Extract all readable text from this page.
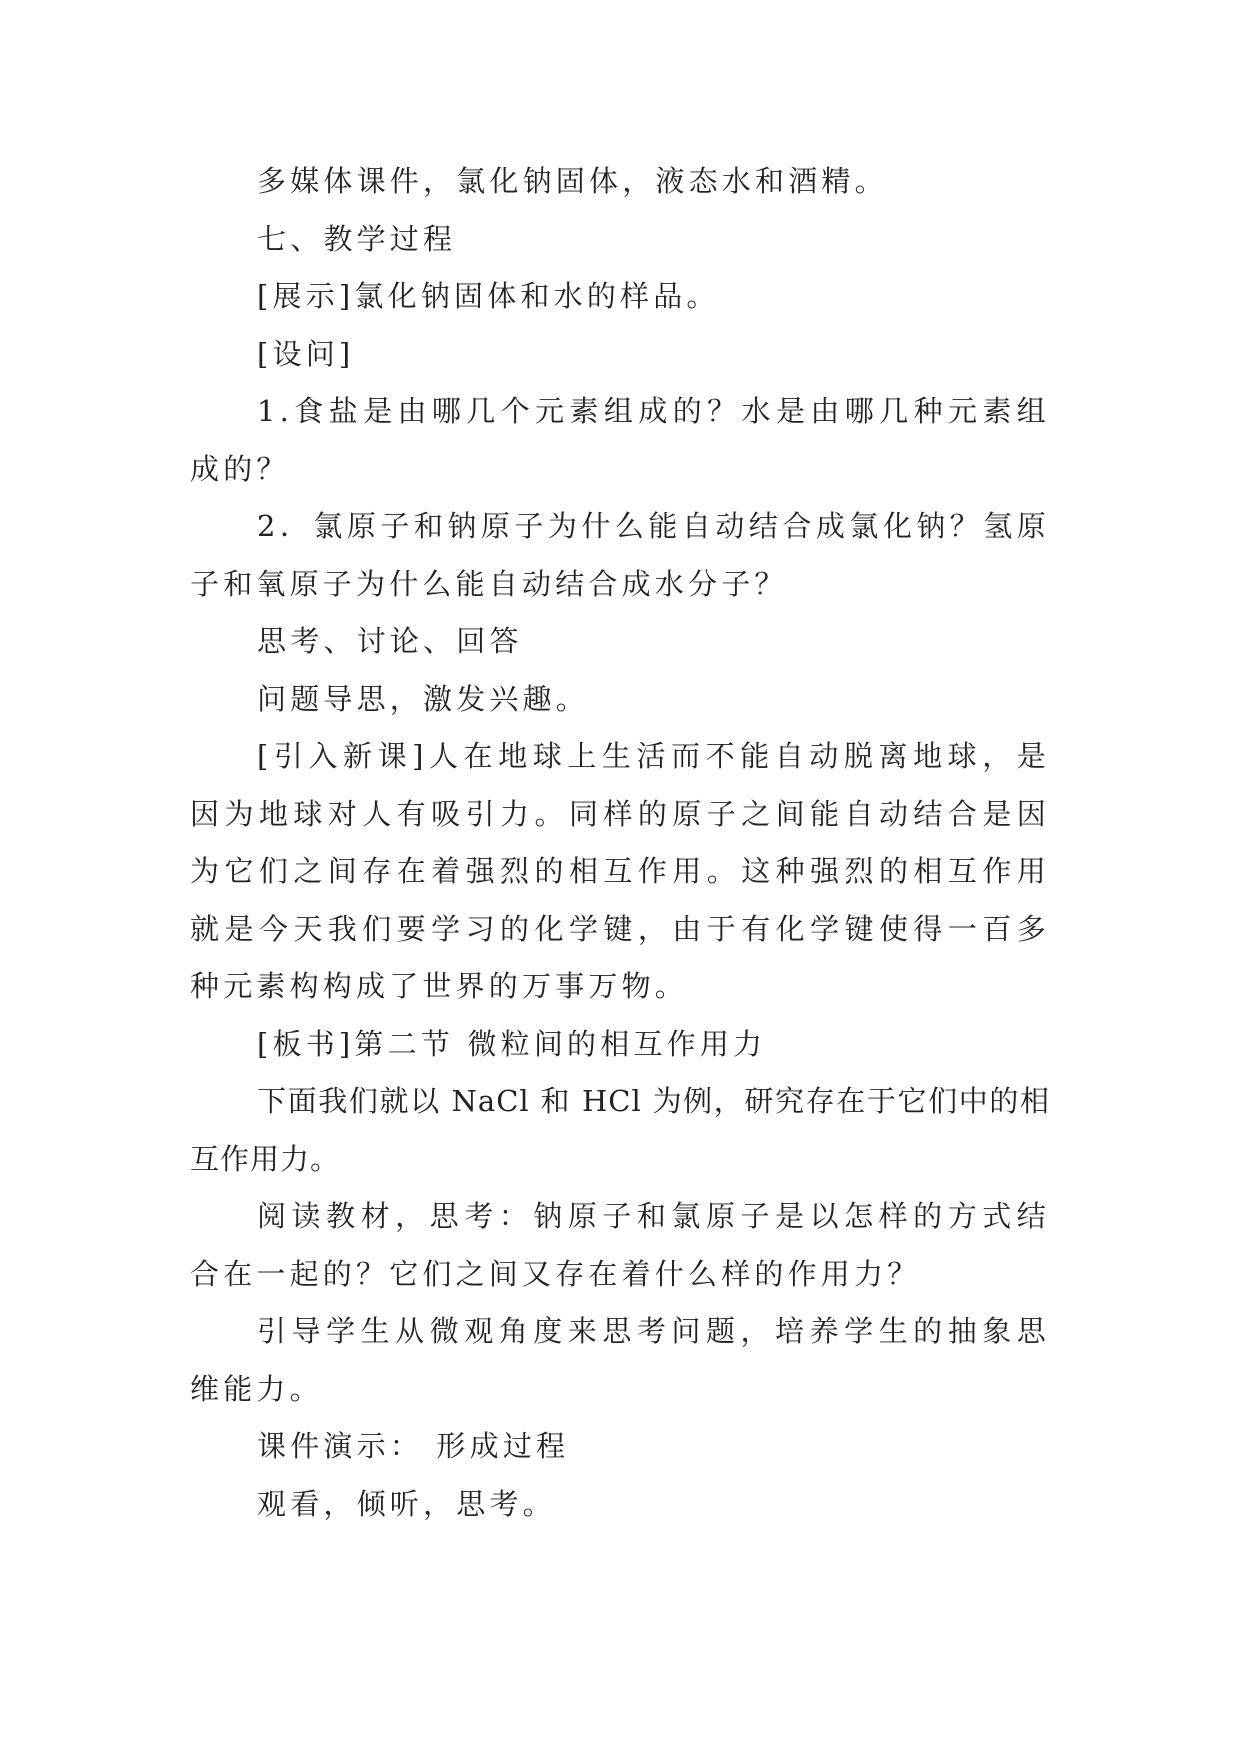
多媒体课件，氯化钠固体，液态水和酒精。

七、教学过程

[展示]氯化钠固体和水的样品。

[设问]

1.食盐是由哪几个元素组成的？水是由哪几种元素组成的？

2．氯原子和钠原子为什么能自动结合成氯化钠？氢原子和氧原子为什么能自动结合成水分子？

思考、讨论、回答

问题导思，激发兴趣。

[引入新课]人在地球上生活而不能自动脱离地球，是因为地球对人有吸引力。同样的原子之间能自动结合是因为它们之间存在着强烈的相互作用。这种强烈的相互作用就是今天我们要学习的化学键，由于有化学键使得一百多种元素构构成了世界的万事万物。

[板书]第二节 微粒间的相互作用力

下面我们就以 NaCl 和 HCl 为例，研究存在于它们中的相互作用力。

阅读教材，思考：钠原子和氯原子是以怎样的方式结合在一起的？它们之间又存在着什么样的作用力？

引导学生从微观角度来思考问题，培养学生的抽象思维能力。

课件演示： 形成过程

观看，倾听，思考。
